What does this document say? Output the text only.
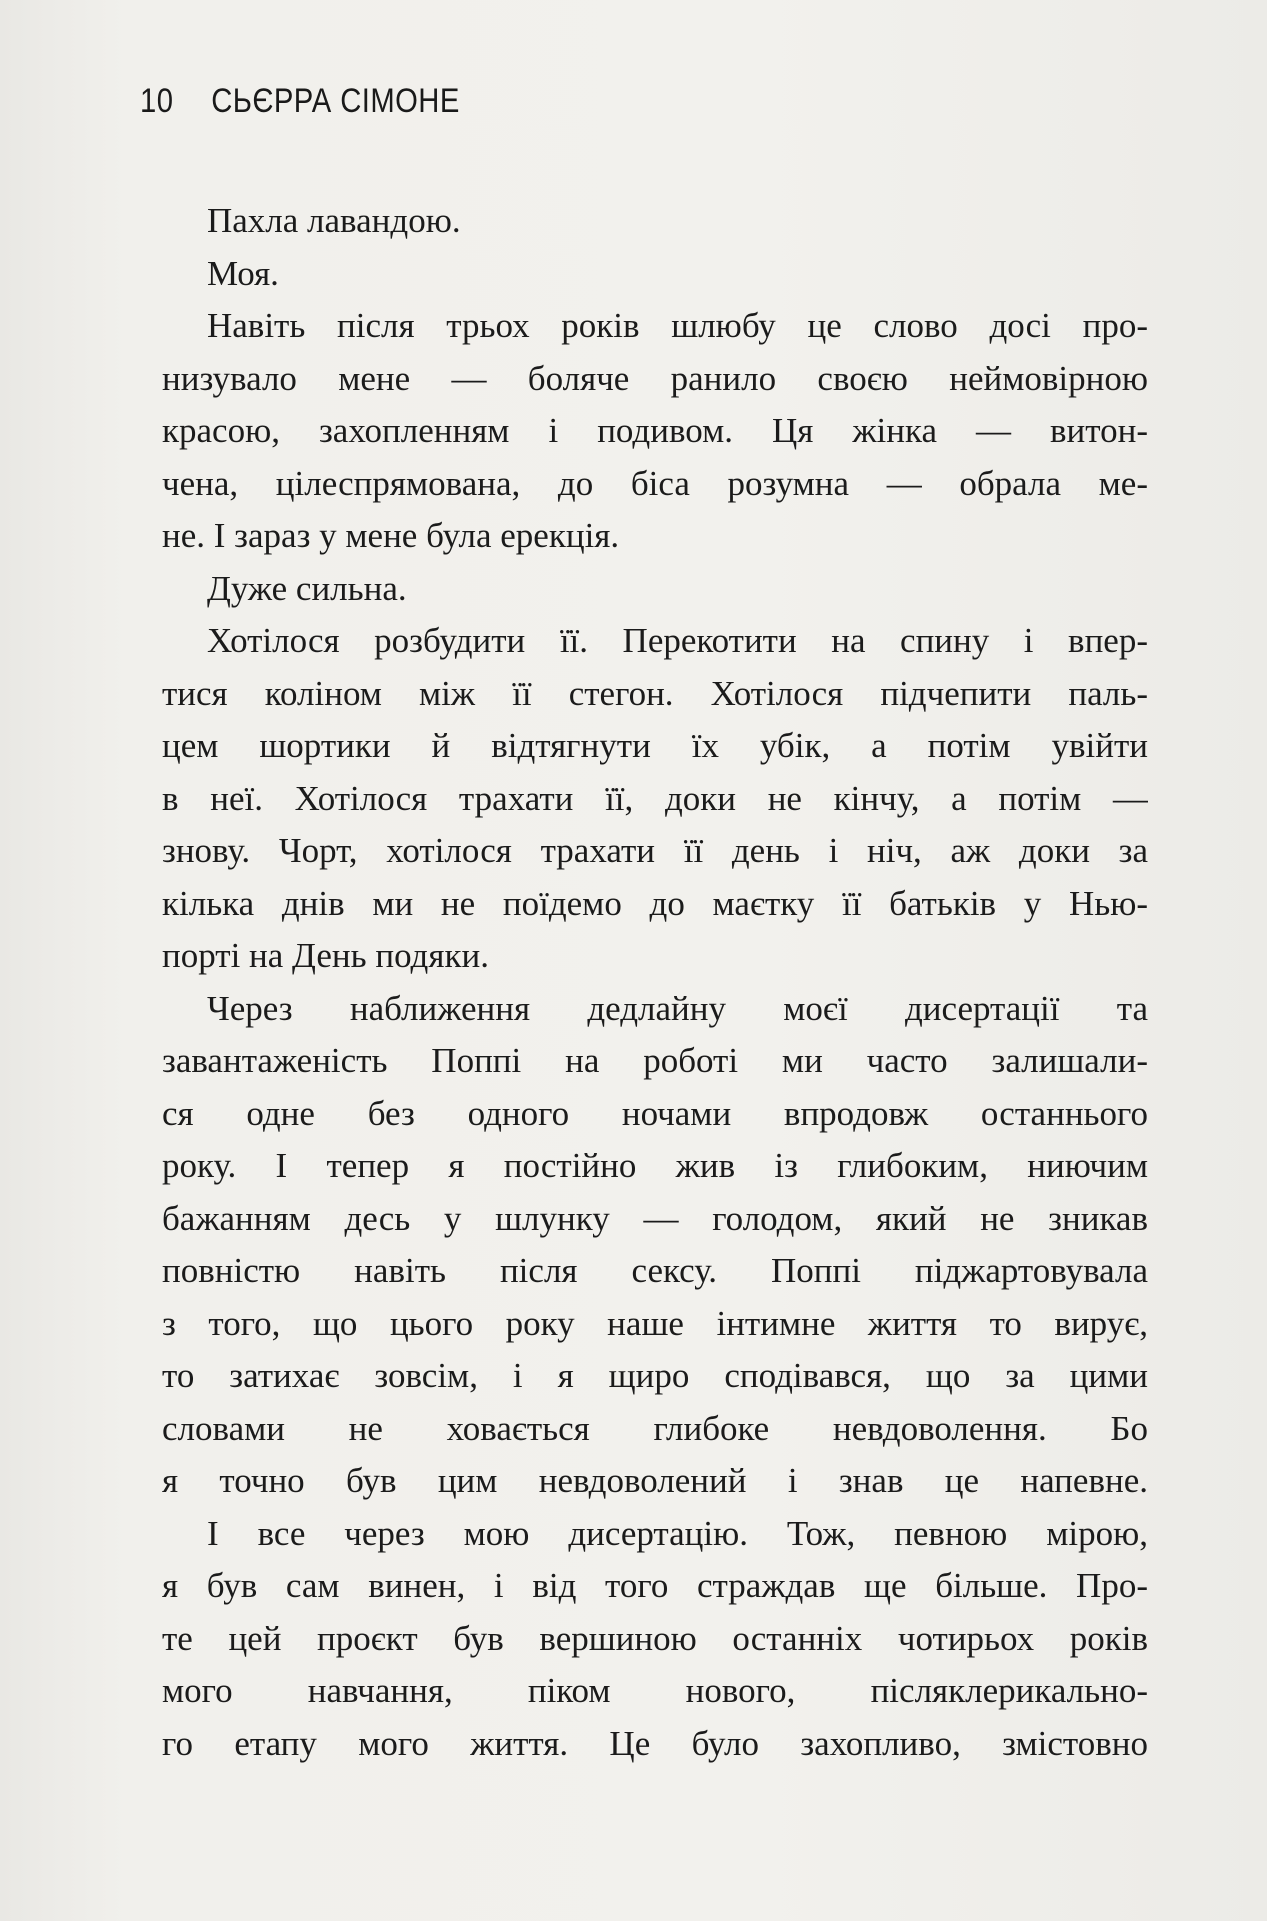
10 СЬЄРРА СІМОНЕ
Пахла лавандою.
Моя.
Навіть після трьох років шлюбу це слово досі про-
низувало мене — боляче ранило своєю неймовірною
красою, захопленням і подивом. Ця жінка — витон-
чена, цілеспрямована, до біса розумна — обрала ме-
не. І зараз у мене була ерекція.
Дуже сильна.
Хотілося розбудити її. Перекотити на спину і впер-
тися коліном між її стегон. Хотілося підчепити паль-
цем шортики й відтягнути їх убік, а потім увійти
в неї. Хотілося трахати її, доки не кінчу, а потім —
знову. Чорт, хотілося трахати її день і ніч, аж доки за
кілька днів ми не поїдемо до маєтку її батьків у Нью-
порті на День подяки.
Через наближення дедлайну моєї дисертації та
завантаженість Поппі на роботі ми часто залишали-
ся одне без одного ночами впродовж останнього
року. І тепер я постійно жив із глибоким, ниючим
бажанням десь у шлунку — голодом, який не зникав
повністю навіть після сексу. Поппі піджартовувала
з того, що цього року наше інтимне життя то вирує,
то затихає зовсім, і я щиро сподівався, що за цими
словами не ховається глибоке невдоволення. Бо
я точно був цим невдоволений і знав це напевне.
І все через мою дисертацію. Тож, певною мірою,
я був сам винен, і від того страждав ще більше. Про-
те цей проєкт був вершиною останніх чотирьох років
мого навчання, піком нового, післяклерикально-
го етапу мого життя. Це було захопливо, змістовно
